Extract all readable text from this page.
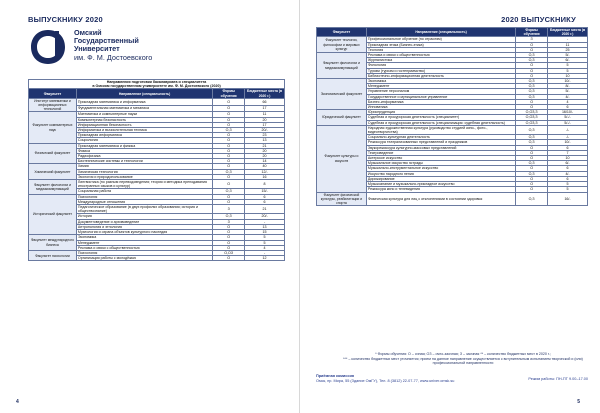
ВЫПУСКНИКУ 2020
Омский
Государственный
Университет
им. Ф. М. Достоевского
Направления подготовки бакалавриата и специалитета
в Омском государственном университете им. Ф. М. Достоевского (2020)			
Факультет	Направление (специальность)	Формы обучения	Бюджетные места (в 2020 г.)
Институт математики и информационных технологий	Прикладная математика и информатика	О	66
	Фундаментальная математика и механика	О	17
Факультет компьютерных наук	Математика и компьютерные науки	О	11
	Компьютерная безопасность	О	20
	Информационная безопасность	О	17
	Информатика и вычислительная техника	О,З	20/-
	Прикладная информатика	О	23
	Социология	О	13
Физический факультет	Прикладная математика и физика	О	21
	Физика	О	20
	Радиофизика	О	20
	Биотехнические системы и технологии	О	14
Химический факультет	Химия	О	40
	Химическая технология	О,З	12/-
	Экология и природопользование	О	16
Факультет филологии и медиакоммуникаций	Лингвистика (по разным переводоведения; теория и методика преподавания иностранных языков и культур)	О	8
	Социальная работа	О,З	15/-
Исторический факультет	Психология	О	6
	Международные отношения	О	6
	Педагогическое образование (в двух профилях образования; история и обществознание)	З	21
	История	О,З	20/-
	Документоведение и архивоведение	З	-
	Антропология и этнология	О	13
	Музеология и охрана объектов культурного наследия	О	15
Факультет международного бизнеса	Экономика	О	5
	Менеджмент	О	5
	Реклама и связи с общественностью	О	4
Факультет психологии	Психология	О,ОЗ	-
	Организация работы с молодёжью	О	12
4
2020 ВЫПУСКНИКУ
Факультет	Направление (специальность)	Формы обучения	Бюджетные места (в 2020 г.)
Факультет теологии, философии и мировых культур	Профессиональное обучение (по отраслям)	З	-
	Прикладная этика (Бизнес-этика)	О	11
	Теология	О	25
Факультет филологии и медиакоммуникаций	Реклама и связи с общественностью	О,З	5/-
	Журналистика	О,З	6/-
	Филология	О	5
	Туризм (туризм и гостеприимство)	О	5
	Библиотечно-информационная деятельность	О	10
Экономический факультет	Экономика	О,З	10/-
	Менеджмент	О,З	8/-
	Управление персоналом	О,З	5/-
	Государственное и муниципальное управление	О,З	4/-
	Бизнес-информатика	О	4
	Инноватика	О	6
Юридический факультет	Юриспруденция	О,ОЗ,З	16/10/-
	Судебная и прокурорская деятельность (специалитет)	О,ОЗ,З	5/-/-
	Судебная и прокурорская деятельность (специализация: судебная деятельность)	О,ОЗ,З	5/-/-
Факультет культуры и искусств	Народная художественная культура (руководство студией кино-, фото-, видеотворчества)	О,З	-/-
	Социально-культурная деятельность	О,З	-/-
	Режиссура театрализованных представлений и праздников	О,З	10/-
	Звукорежиссура культурно-массовых представлений	О	6
	Театроведение	О	7
	Актерское искусство	О	10
	Музыкальное искусство эстрады	О,З	6/-
	Музыкально-инструментальное искусство	О	6
	Искусство народного пения	О,З	4/-
	Дирижирование	О	6
	Музыкознание и музыкально-прикладное искусство	О	5
	Режиссура кино и телевидения	О	5
Факультет физической культуры, реабилитации и спорта	Физическая культура для лиц с отклонениями в состоянии здоровья	О,З	16/-
* Формы обучения: О – очная; ОЗ – очно-заочная; З – заочная ** – количество бюджетных мест в 2020 г.;
*** – количество бюджетных мест уточняется; прием на данное направление осуществляется с вступительным испытанием творческой и (или) профессиональной направленности
5
Приёмная комиссия
Омск, пр. Мира, 55 (Здание ОмГУ), Тел. 8 (3812) 22-07-77, www.univer.omsk.su	Режим работы: ПН-ПТ 9.00–17.00
